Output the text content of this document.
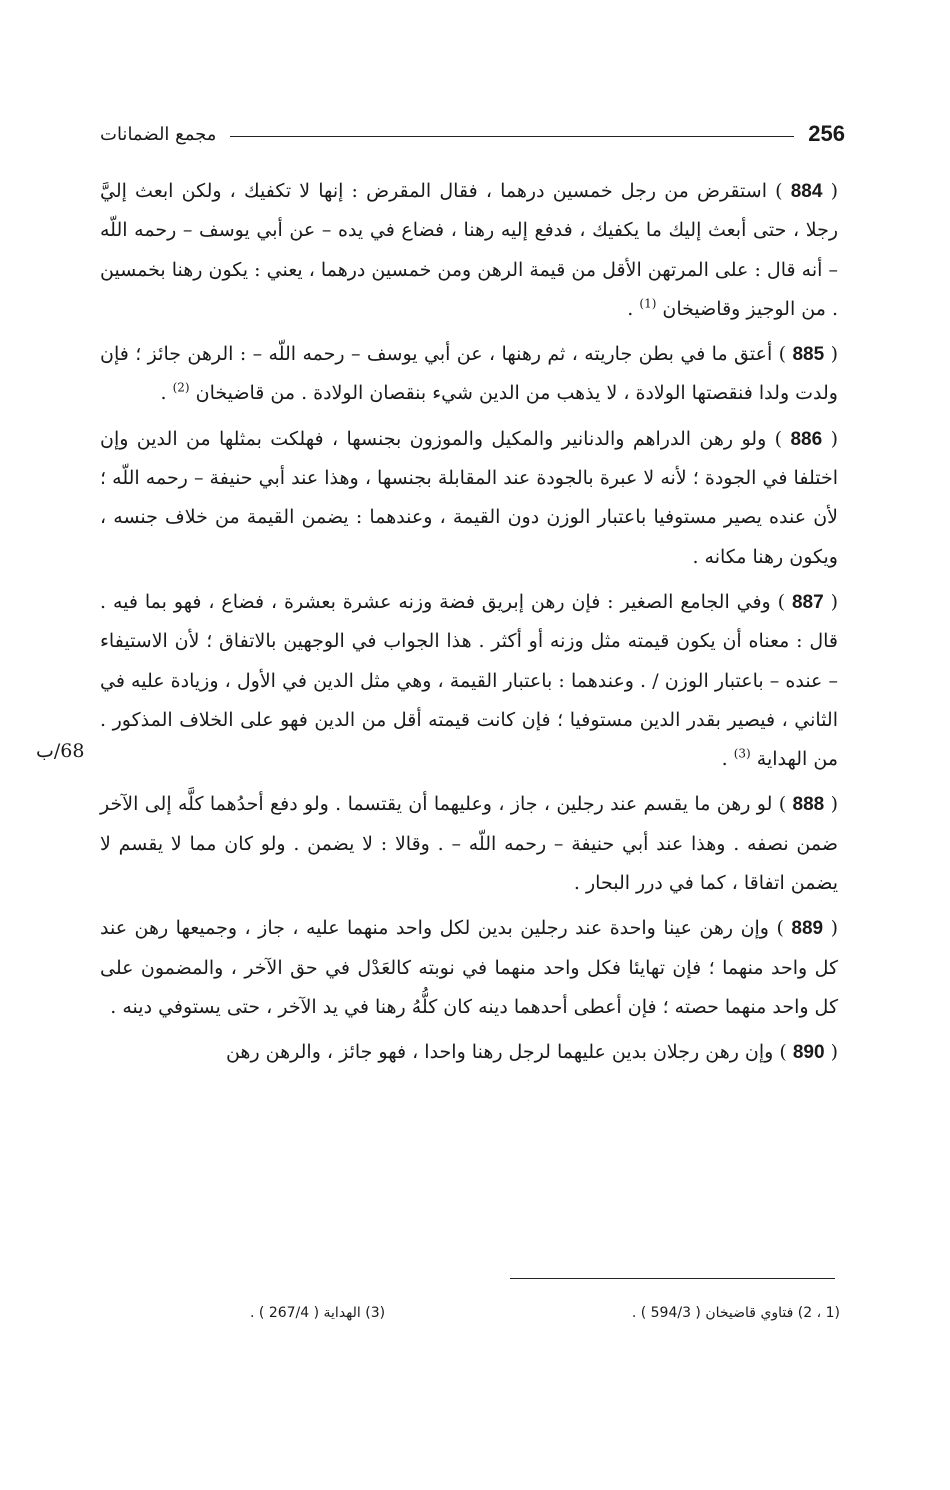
256
مجمع الضمانات

( 884 ) استقرض من رجل خمسين درهما ، فقال المقرض : إنها لا تكفيك ، ولكن ابعث إليَّ رجلا ، حتى أبعث إليك ما يكفيك ، فدفع إليه رهنا ، فضاع في يده – عن أبي يوسف – رحمه اللّه – أنه قال : على المرتهن الأقل من قيمة الرهن ومن خمسين درهما ، يعني : يكون رهنا بخمسين . من الوجيز وقاضيخان $^{(1)}$ .

( 885 ) أعتق ما في بطن جاريته ، ثم رهنها ، عن أبي يوسف – رحمه اللّه – : الرهن جائز ؛ فإن ولدت ولدا فنقصتها الولادة ، لا يذهب من الدين شيء بنقصان الولادة . من قاضيخان $^{(2)}$ .

( 886 ) ولو رهن الدراهم والدنانير والمكيل والموزون بجنسها ، فهلكت بمثلها من الدين وإن اختلفا في الجودة ؛ لأنه لا عبرة بالجودة عند المقابلة بجنسها ، وهذا عند أبي حنيفة – رحمه اللّه ؛ لأن عنده يصير مستوفيا باعتبار الوزن دون القيمة ، وعندهما : يضمن القيمة من خلاف جنسه ، ويكون رهنا مكانه .

( 887 ) وفي الجامع الصغير : فإن رهن إبريق فضة وزنه عشرة بعشرة ، فضاع ، فهو بما فيه . قال : معناه أن يكون قيمته مثل وزنه أو أكثر . هذا الجواب في الوجهين بالاتفاق ؛ لأن الاستيفاء – عنده – باعتبار الوزن / . وعندهما : باعتبار القيمة ، وهي مثل الدين في الأول ، وزيادة عليه في الثاني ، فيصير بقدر الدين مستوفيا ؛ فإن كانت قيمته أقل من الدين فهو على الخلاف المذكور . من الهداية $^{(3)}$ .

( 888 ) لو رهن ما يقسم عند رجلين ، جاز ، وعليهما أن يقتسما . ولو دفع أحدُهما كلَّه إلى الآخر ضمن نصفه . وهذا عند أبي حنيفة – رحمه اللّه – . وقالا : لا يضمن . ولو كان مما لا يقسم لا يضمن اتفاقا ، كما في درر البحار .

( 889 ) وإن رهن عينا واحدة عند رجلين بدين لكل واحد منهما عليه ، جاز ، وجميعها رهن عند كل واحد منهما ؛ فإن تهايئا فكل واحد منهما في نوبته كالعَدْل في حق الآخر ، والمضمون على كل واحد منهما حصته ؛ فإن أعطى أحدهما دينه كان كلُّهُ رهنا في يد الآخر ، حتى يستوفي دينه .

( 890 ) وإن رهن رجلان بدين عليهما لرجل رهنا واحدا ، فهو جائز ، والرهن رهن

68/ب
(1 ، 2) فتاوي قاضيخان ( 594/3 ) .
(3) الهداية ( 267/4 ) .
